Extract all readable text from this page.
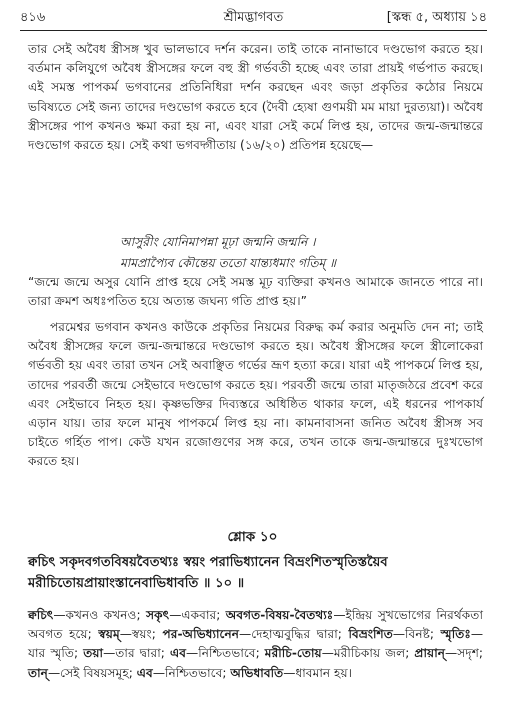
৪১৬	শ্রীমদ্ভাগবত	[স্কন্ধ ৫, অধ্যায় ১৪
তার সেই অবৈধ স্ত্রীসঙ্গ খুব ভালভাবে দর্শন করেন। তাই তাকে নানাভাবে দণ্ডভোগ করতে হয়। বর্তমান কলিযুগে অবৈধ স্ত্রীসঙ্গের ফলে বহু স্ত্রী গর্ভবতী হচ্ছে এবং তারা প্রায়ই গর্ভপাত করছে। এই সমস্ত পাপকর্ম ভগবানের প্রতিনিধিরা দর্শন করছেন এবং জড়া প্রকৃতির কঠোর নিয়মে ভবিষ্যতে সেই জন্য তাদের দণ্ডভোগ করতে হবে (দৈবী হ্যেষা গুণময়ী মম মায়া দুরত্যয়া)। অবৈধ স্ত্রীসঙ্গের পাপ কখনও ক্ষমা করা হয় না, এবং যারা সেই কর্মে লিপ্ত হয়, তাদের জন্ম-জন্মান্তরে দণ্ডভোগ করতে হয়। সেই কথা ভগবদ্গীতায় (১৬/২০) প্রতিপন্ন হয়েছে—
আসুরীং যোনিমাপন্না মূঢ়া জন্মনি জন্মনি ।
মামপ্রাপ্যৈব কৌন্তেয় ততো যান্ত্যধমাং গতিম্ ॥
“জন্মে জন্মে অসুর যোনি প্রাপ্ত হয়ে সেই সমস্ত মূঢ় ব্যক্তিরা কখনও আমাকে জানতে পারে না। তারা ক্রমশ অধঃপতিত হয়ে অত্যন্ত জঘন্য গতি প্রাপ্ত হয়।”
পরমেশ্বর ভগবান কখনও কাউকে প্রকৃতির নিয়মের বিরুদ্ধ কর্ম করার অনুমতি দেন না; তাই অবৈধ স্ত্রীসঙ্গের ফলে জন্ম-জন্মান্তরে দণ্ডভোগ করতে হয়। অবৈধ স্ত্রীসঙ্গের ফলে স্ত্রীলোকেরা গর্ভবতী হয় এবং তারা তখন সেই অবাঞ্ছিত গর্ভের ভ্রূণ হত্যা করে। যারা এই পাপকর্মে লিপ্ত হয়, তাদের পরবর্তী জন্মে সেইভাবে দণ্ডভোগ করতে হয়। পরবর্তী জন্মে তারা মাতৃজঠরে প্রবেশ করে এবং সেইভাবে নিহত হয়। কৃষ্ণভক্তির দিব্যস্তরে অধিষ্ঠিত থাকার ফলে, এই ধরনের পাপকার্য এড়ান যায়। তার ফলে মানুষ পাপকর্মে লিপ্ত হয় না। কামনাবাসনা জনিত অবৈধ স্ত্রীসঙ্গ সব চাইতে গর্হিত পাপ। কেউ যখন রজোগুণের সঙ্গ করে, তখন তাকে জন্ম-জন্মান্তরে দুঃখভোগ করতে হয়।
শ্লোক ১০
ক্বচিৎ সকৃদবগতবিষয়বৈতথ্যঃ স্বয়ং পরাভিধ্যানেন বিভ্রংশিতস্মৃতিস্তয়ৈব মরীচিতোয়প্রায়াংস্তানেবাভিধাবতি ॥ ১০ ॥
ক্বচিৎ—কখনও কখনও; সকৃৎ—একবার; অবগত-বিষয়-বৈতথ্যঃ—ইন্দ্রিয় সুখভোগের নিরর্থকতা অবগত হয়ে; স্বয়ম্—স্বয়ং; পর-অভিধ্যানেন—দেহাত্মবুদ্ধির দ্বারা; বিভ্রংশিত—বিনষ্ট; স্মৃতিঃ—যার স্মৃতি; তয়া—তার দ্বারা; এব—নিশ্চিতভাবে; মরীচি-তোয়—মরীচিকায় জল; প্রায়ান্—সদৃশ; তান্—সেই বিষয়সমূহ; এব—নিশ্চিতভাবে; অভিধাবতি—ধাবমান হয়।
